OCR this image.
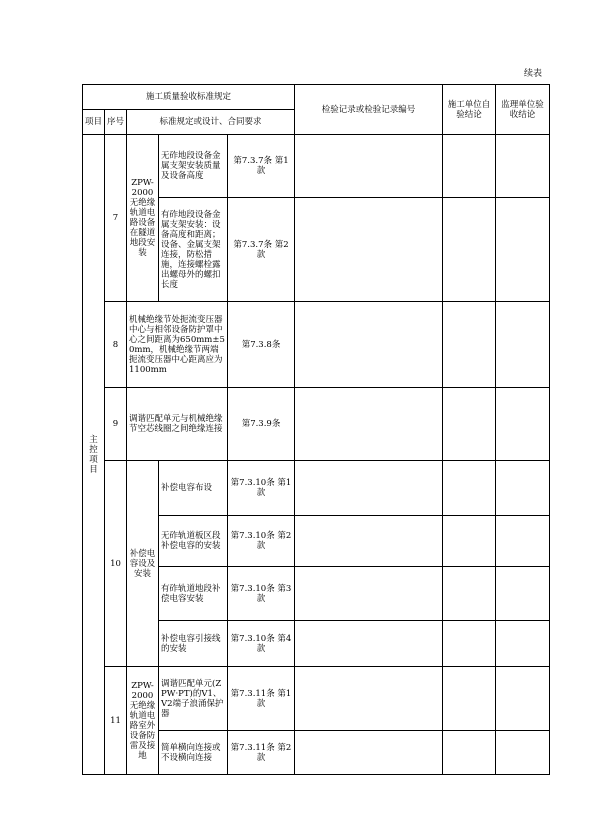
续表
施工质量验收标准规定					检验记录或检验记录编号	施工单位自验结论	监理单位验收结论
项目	序号	标准规定或设计、合同要求					
主控项目	7	ZPW-2000无绝缘轨道电路设备在隧道地段安装	无砟地段设备金属支架安装质量及设备高度	第7.3.7条 第1款			
			有砟地段设备金属支架安装：设备高度和距离；设备、金属支架连接，防松措施，连接螺栓露出螺母外的螺扣长度	第7.3.7条 第2款			
	8	机械绝缘节处扼流变压器中心与相邻设备防护罩中心之间距离为650mm±50mm，机械绝缘节两端扼流变压器中心距离应为1100mm		第7.3.8条			
	9	调谐匹配单元与机械绝缘节空芯线圈之间绝缘连接		第7.3.9条			
	10	补偿电容设及安装	补偿电容布设	第7.3.10条 第1款			
			无砟轨道板区段补偿电容的安装	第7.3.10条 第2款			
			有砟轨道地段补偿电容安装	第7.3.10条 第3款			
			补偿电容引接线的安装	第7.3.10条 第4款			
	11	ZPW-2000无绝缘轨道电路室外设备防雷及接地	调谐匹配单元(ZPW·PT)的V1、V2端子浪涌保护器	第7.3.11条 第1款			
			简单横向连接或不设横向连接	第7.3.11条 第2款			
